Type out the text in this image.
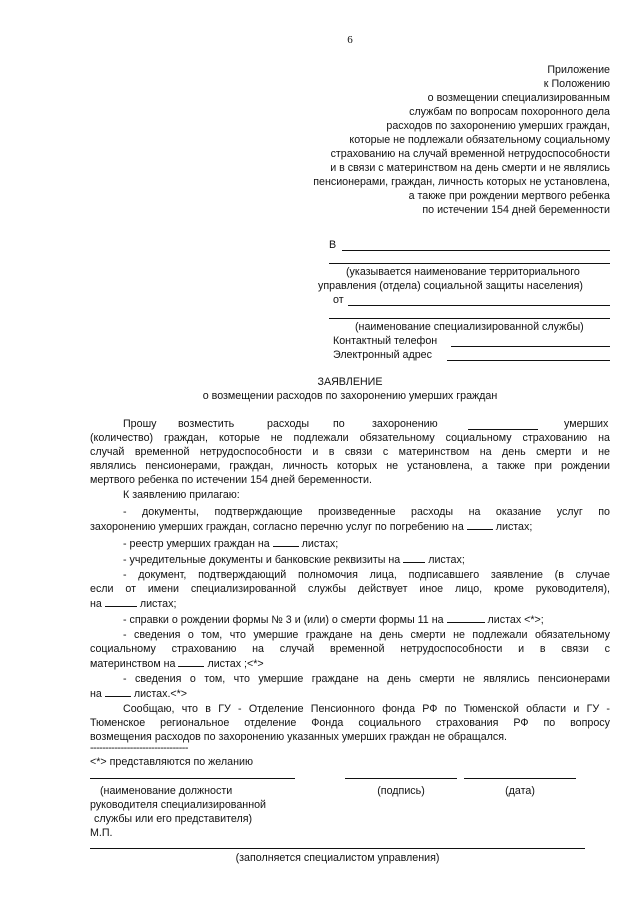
6
Приложение
к Положению
о возмещении специализированным
службам по вопросам похоронного дела
расходов по захоронению умерших граждан,
которые не подлежали обязательному социальному
страхованию на случай временной нетрудоспособности
и в связи с материнством на день смерти и не являлись
пенсионерами, граждан, личность которых не установлена,
а также при рождении мертвого ребенка
по истечении 154 дней беременности
В
(указывается наименование территориального
управления (отдела) социальной защиты населения)
от
(наименование специализированной службы)
Контактный телефон
Электронный адрес
ЗАЯВЛЕНИЕ
о возмещении расходов по захоронению умерших граждан
Прошу возместить	расходы по	захоронению	умерших
(количество) граждан, которые не подлежали обязательному социальному страхованию на
случай временной нетрудоспособности и в связи с материнством на день смерти и не
являлись пенсионерами, граждан, личность которых не установлена, а также при рождении
мертвого ребенка по истечении 154 дней беременности.
К заявлению прилагаю:
- документы, подтверждающие произведенные расходы на оказание услуг по
захоронению умерших граждан, согласно перечню услуг по погребению на	листах;
- реестр умерших граждан на	листах;
- учредительные документы и банковские реквизиты на	листах;
- документ, подтверждающий полномочия лица, подписавшего заявление (в случае
если от имени специализированной службы действует иное лицо, кроме руководителя),
на	листах;
- справки о рождении формы № 3 и (или) о смерти формы 11 на	листах <*>;
- сведения о том, что умершие граждане на день смерти не подлежали обязательному
социальному страхованию на случай временной нетрудоспособности и в связи с
материнством на	листах ;<*>
- сведения о том, что умершие граждане на день смерти не являлись пенсионерами
на	листах.<*>
Сообщаю, что в ГУ - Отделение Пенсионного фонда РФ по Тюменской области и ГУ -
Тюменское региональное отделение Фонда социального страхования РФ по вопросу
возмещения расходов по захоронению указанных умерших граждан не обращался.
--------------------------------
<*> представляются по желанию
(наименование должности
руководителя специализированной
службы или его представителя)
М.П.
(подпись)	(дата)
(заполняется специалистом управления)
